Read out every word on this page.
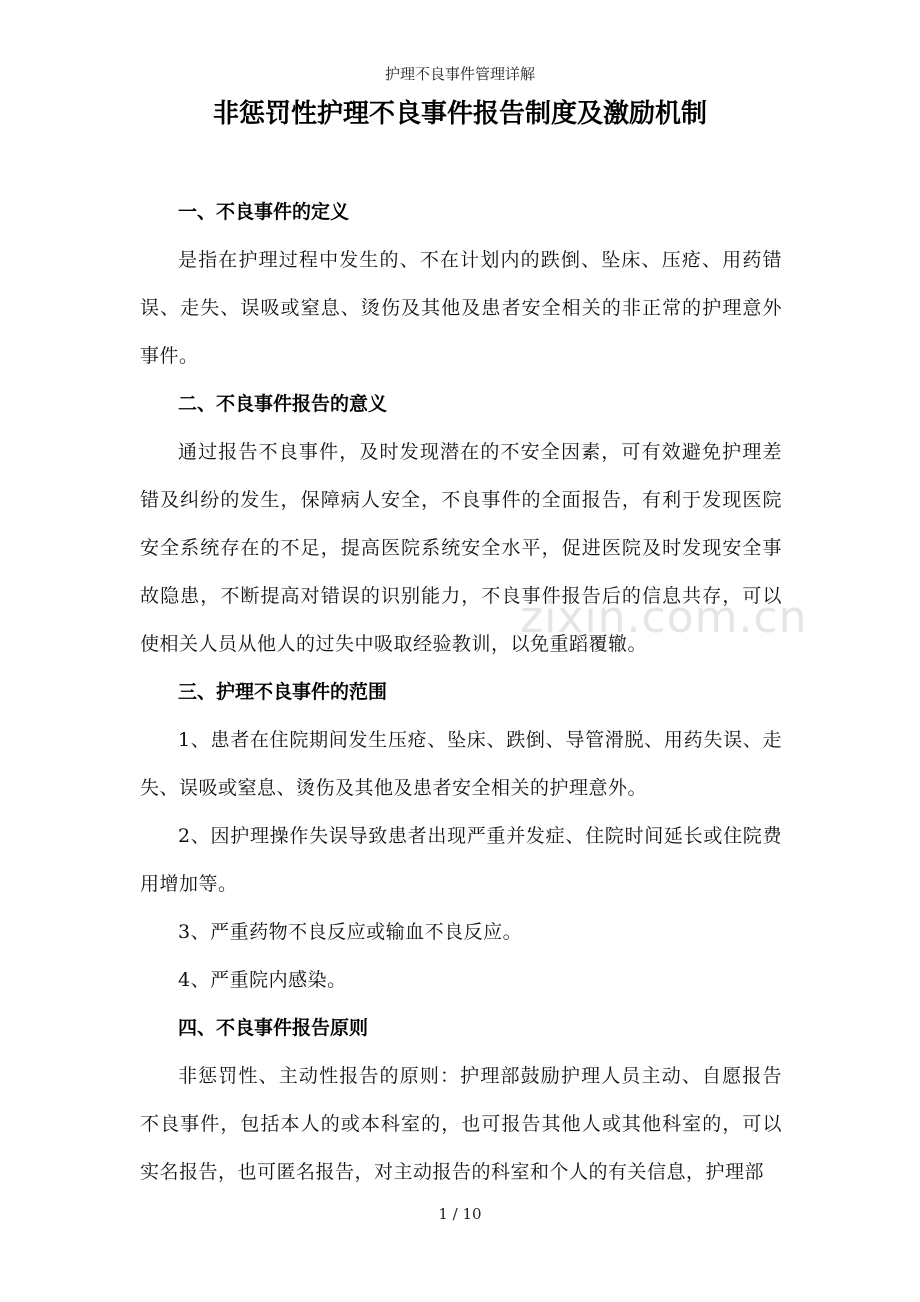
护理不良事件管理详解
非惩罚性护理不良事件报告制度及激励机制

一、不良事件的定义

是指在护理过程中发生的、不在计划内的跌倒、坠床、压疮、用药错误、走失、误吸或窒息、烫伤及其他及患者安全相关的非正常的护理意外事件。

二、不良事件报告的意义

通过报告不良事件，及时发现潜在的不安全因素，可有效避免护理差错及纠纷的发生，保障病人安全，不良事件的全面报告，有利于发现医院安全系统存在的不足，提高医院系统安全水平，促进医院及时发现安全事故隐患，不断提高对错误的识别能力，不良事件报告后的信息共存，可以使相关人员从他人的过失中吸取经验教训，以免重蹈覆辙。

三、护理不良事件的范围

1、患者在住院期间发生压疮、坠床、跌倒、导管滑脱、用药失误、走失、误吸或窒息、烫伤及其他及患者安全相关的护理意外。

2、因护理操作失误导致患者出现严重并发症、住院时间延长或住院费用增加等。

3、严重药物不良反应或输血不良反应。

4、严重院内感染。

四、不良事件报告原则

非惩罚性、主动性报告的原则：护理部鼓励护理人员主动、自愿报告不良事件，包括本人的或本科室的，也可报告其他人或其他科室的，可以实名报告，也可匿名报告，对主动报告的科室和个人的有关信息，护理部

zixin.com.cn
1 / 10
